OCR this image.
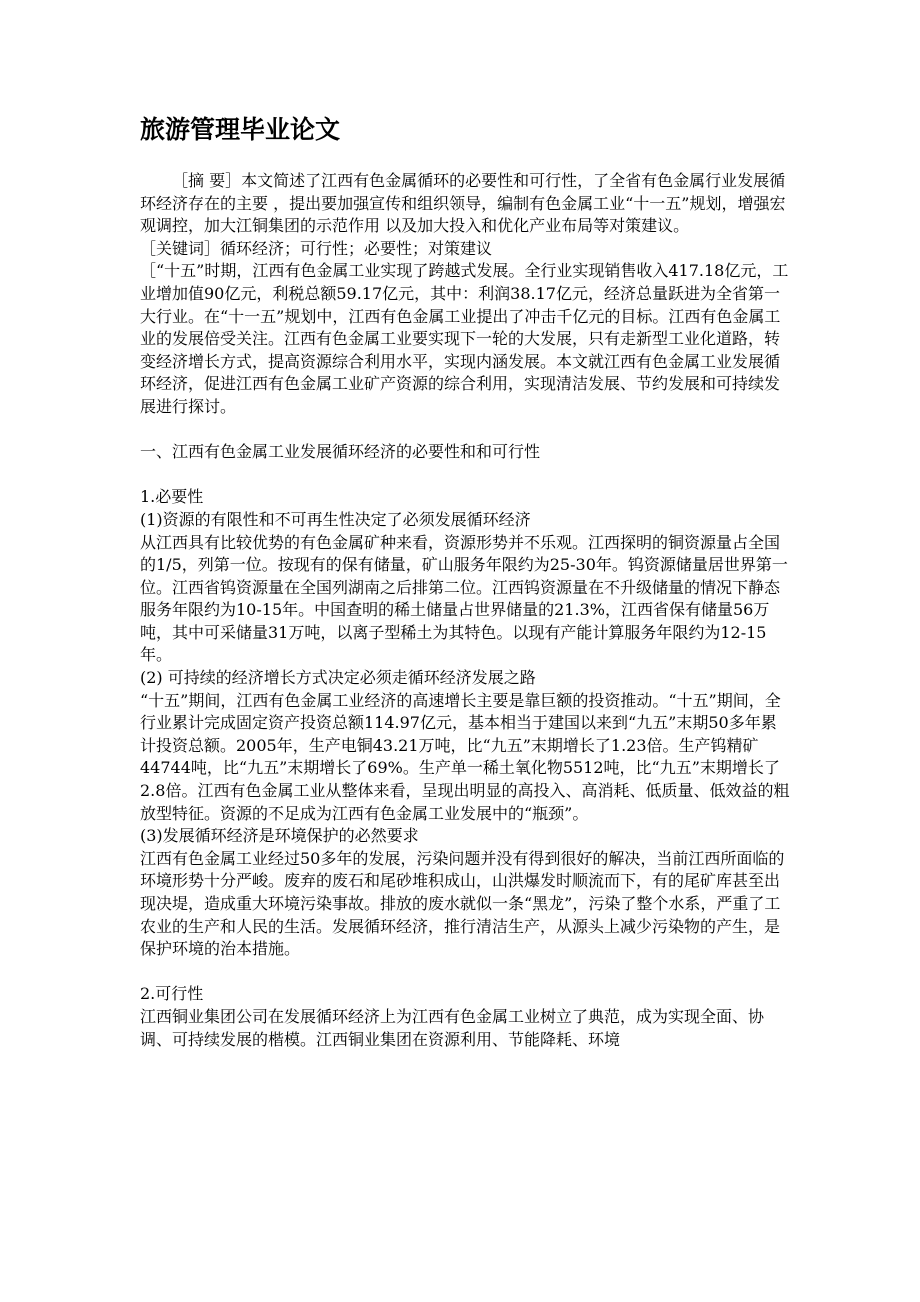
旅游管理毕业论文

［摘 要］本文简述了江西有色金属循环的必要性和可行性，了全省有色金属行业发展循环经济存在的主要 ，提出要加强宣传和组织领导，编制有色金属工业“十一五”规划，增强宏观调控，加大江铜集团的示范作用 以及加大投入和优化产业布局等对策建议。

［关键词］循环经济；可行性；必要性；对策建议

［“十五”时期，江西有色金属工业实现了跨越式发展。全行业实现销售收入417.18亿元，工业增加值90亿元，利税总额59.17亿元，其中：利润38.17亿元，经济总量跃进为全省第一大行业。在“十一五”规划中，江西有色金属工业提出了冲击千亿元的目标。江西有色金属工业的发展倍受关注。江西有色金属工业要实现下一轮的大发展，只有走新型工业化道路，转变经济增长方式，提高资源综合利用水平，实现内涵发展。本文就江西有色金属工业发展循环经济，促进江西有色金属工业矿产资源的综合利用，实现清洁发展、节约发展和可持续发展进行探讨。

一、江西有色金属工业发展循环经济的必要性和和可行性

1.必要性

(1)资源的有限性和不可再生性决定了必须发展循环经济

从江西具有比较优势的有色金属矿种来看，资源形势并不乐观。江西探明的铜资源量占全国的1/5，列第一位。按现有的保有储量，矿山服务年限约为25-30年。钨资源储量居世界第一位。江西省钨资源量在全国列湖南之后排第二位。江西钨资源量在不升级储量的情况下静态服务年限约为10-15年。中国查明的稀土储量占世界储量的21.3%，江西省保有储量56万吨，其中可采储量31万吨，以离子型稀土为其特色。以现有产能计算服务年限约为12-15年。

(2) 可持续的经济增长方式决定必须走循环经济发展之路

“十五”期间，江西有色金属工业经济的高速增长主要是靠巨额的投资推动。“十五”期间，全行业累计完成固定资产投资总额114.97亿元，基本相当于建国以来到“九五”末期50多年累计投资总额。2005年，生产电铜43.21万吨，比“九五”末期增长了1.23倍。生产钨精矿44744吨，比“九五”末期增长了69%。生产单一稀土氧化物5512吨，比“九五”末期增长了2.8倍。江西有色金属工业从整体来看，呈现出明显的高投入、高消耗、低质量、低效益的粗放型特征。资源的不足成为江西有色金属工业发展中的“瓶颈”。

(3)发展循环经济是环境保护的必然要求

江西有色金属工业经过50多年的发展，污染问题并没有得到很好的解决，当前江西所面临的环境形势十分严峻。废弃的废石和尾砂堆积成山，山洪爆发时顺流而下，有的尾矿库甚至出现决堤，造成重大环境污染事故。排放的废水就似一条“黑龙”，污染了整个水系，严重了工农业的生产和人民的生活。发展循环经济，推行清洁生产，从源头上减少污染物的产生，是保护环境的治本措施。

2.可行性

江西铜业集团公司在发展循环经济上为江西有色金属工业树立了典范，成为实现全面、协调、可持续发展的楷模。江西铜业集团在资源利用、节能降耗、环境
